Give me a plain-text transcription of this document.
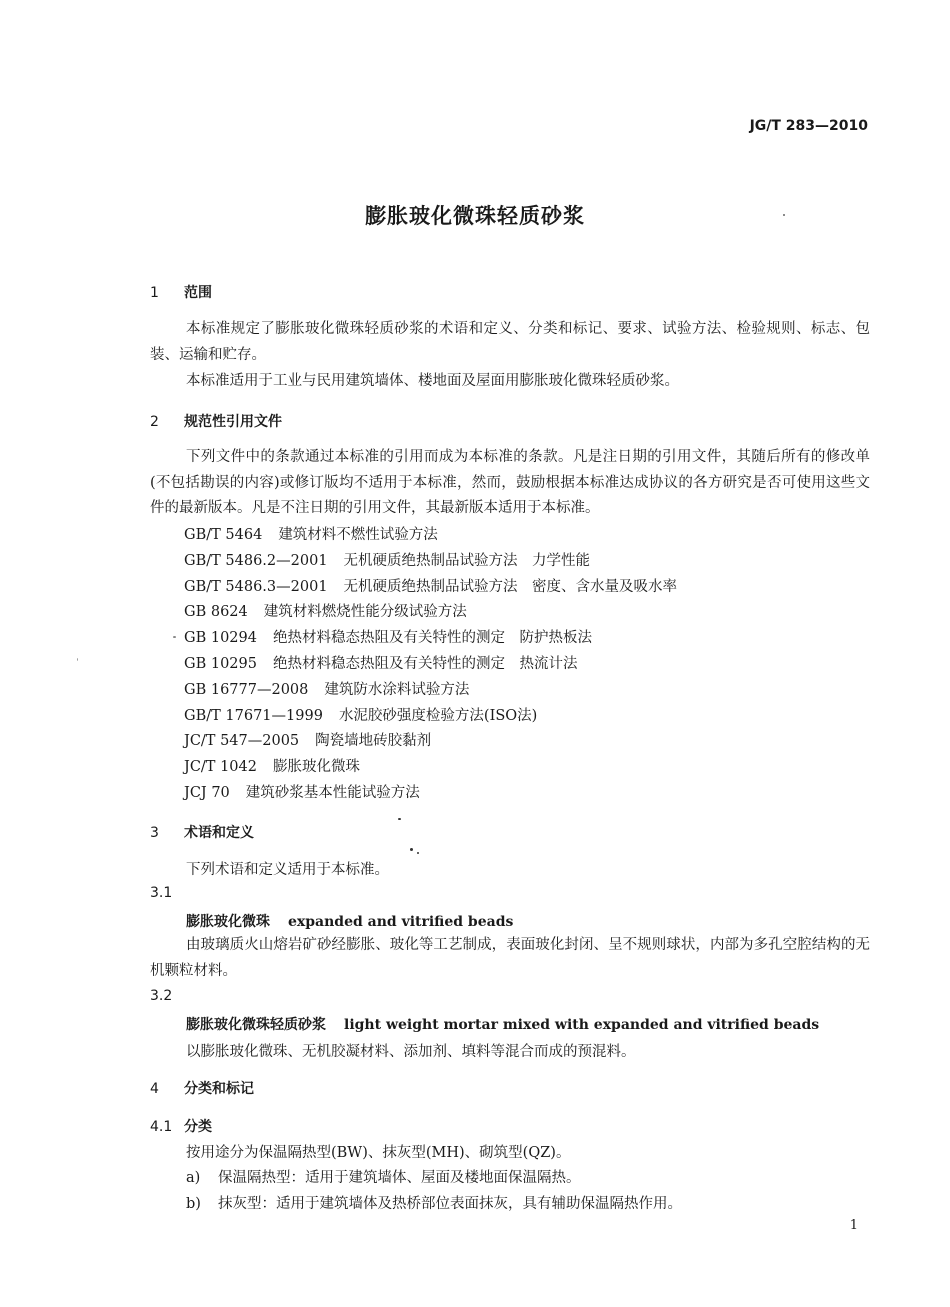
JG/T 283—2010
膨胀玻化微珠轻质砂浆
1 范围
本标准规定了膨胀玻化微珠轻质砂浆的术语和定义、分类和标记、要求、试验方法、检验规则、标志、包装、运输和贮存。
本标准适用于工业与民用建筑墙体、楼地面及屋面用膨胀玻化微珠轻质砂浆。
2 规范性引用文件
下列文件中的条款通过本标准的引用而成为本标准的条款。凡是注日期的引用文件，其随后所有的修改单(不包括勘误的内容)或修订版均不适用于本标准，然而，鼓励根据本标准达成协议的各方研究是否可使用这些文件的最新版本。凡是不注日期的引用文件，其最新版本适用于本标准。
GB/T 5464 建筑材料不燃性试验方法
GB/T 5486.2—2001 无机硬质绝热制品试验方法　力学性能
GB/T 5486.3—2001 无机硬质绝热制品试验方法　密度、含水量及吸水率
GB 8624 建筑材料燃烧性能分级试验方法
GB 10294 绝热材料稳态热阻及有关特性的测定　防护热板法
GB 10295 绝热材料稳态热阻及有关特性的测定　热流计法
GB 16777—2008 建筑防水涂料试验方法
GB/T 17671—1999 水泥胶砂强度检验方法(ISO法)
JC/T 547—2005 陶瓷墙地砖胶黏剂
JC/T 1042 膨胀玻化微珠
JCJ 70 建筑砂浆基本性能试验方法
3 术语和定义
下列术语和定义适用于本标准。
3.1
膨胀玻化微珠 expanded and vitrified beads
由玻璃质火山熔岩矿砂经膨胀、玻化等工艺制成，表面玻化封闭、呈不规则球状，内部为多孔空腔结构的无机颗粒材料。
3.2
膨胀玻化微珠轻质砂浆 light weight mortar mixed with expanded and vitrified beads
以膨胀玻化微珠、无机胶凝材料、添加剂、填料等混合而成的预混料。
4 分类和标记
4.1 分类
按用途分为保温隔热型(BW)、抹灰型(MH)、砌筑型(QZ)。
a) 保温隔热型：适用于建筑墙体、屋面及楼地面保温隔热。
b) 抹灰型：适用于建筑墙体及热桥部位表面抹灰，具有辅助保温隔热作用。
1
